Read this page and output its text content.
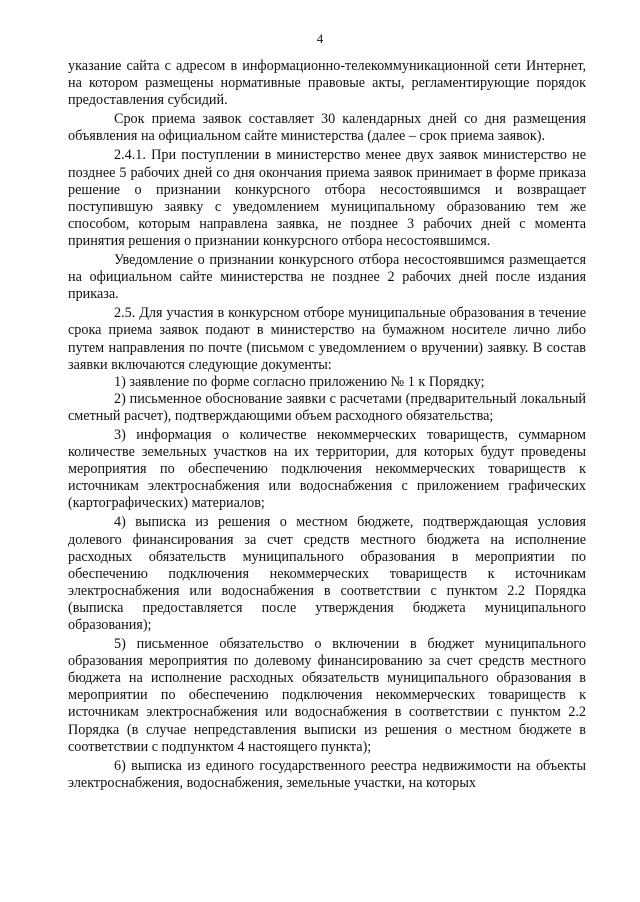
4

указание сайта с адресом в информационно-телекоммуникационной сети Интернет, на котором размещены нормативные правовые акты, регламентирующие порядок предоставления субсидий.

Срок приема заявок составляет 30 календарных дней со дня размещения объявления на официальном сайте министерства (далее – срок приема заявок).

2.4.1. При поступлении в министерство менее двух заявок министерство не позднее 5 рабочих дней со дня окончания приема заявок принимает в форме приказа решение о признании конкурсного отбора несостоявшимся и возвращает поступившую заявку с уведомлением муниципальному образованию тем же способом, которым направлена заявка, не позднее 3 рабочих дней с момента принятия решения о признании конкурсного отбора несостоявшимся.

Уведомление о признании конкурсного отбора несостоявшимся размещается на официальном сайте министерства не позднее 2 рабочих дней после издания приказа.

2.5. Для участия в конкурсном отборе муниципальные образования в течение срока приема заявок подают в министерство на бумажном носителе лично либо путем направления по почте (письмом с уведомлением о вручении) заявку. В состав заявки включаются следующие документы:

1) заявление по форме согласно приложению № 1 к Порядку;

2) письменное обоснование заявки с расчетами (предварительный локальный сметный расчет), подтверждающими объем расходного обязательства;

3) информация о количестве некоммерческих товариществ, суммарном количестве земельных участков на их территории, для которых будут проведены мероприятия по обеспечению подключения некоммерческих товариществ к источникам электроснабжения или водоснабжения с приложением графических (картографических) материалов;

4) выписка из решения о местном бюджете, подтверждающая условия долевого финансирования за счет средств местного бюджета на исполнение расходных обязательств муниципального образования в мероприятии по обеспечению подключения некоммерческих товариществ к источникам электроснабжения или водоснабжения в соответствии с пунктом 2.2 Порядка (выписка предоставляется после утверждения бюджета муниципального образования);

5) письменное обязательство о включении в бюджет муниципального образования мероприятия по долевому финансированию за счет средств местного бюджета на исполнение расходных обязательств муниципального образования в мероприятии по обеспечению подключения некоммерческих товариществ к источникам электроснабжения или водоснабжения в соответствии с пунктом 2.2 Порядка (в случае непредставления выписки из решения о местном бюджете в соответствии с подпунктом 4 настоящего пункта);

6) выписка из единого государственного реестра недвижимости на объекты электроснабжения, водоснабжения, земельные участки, на которых
